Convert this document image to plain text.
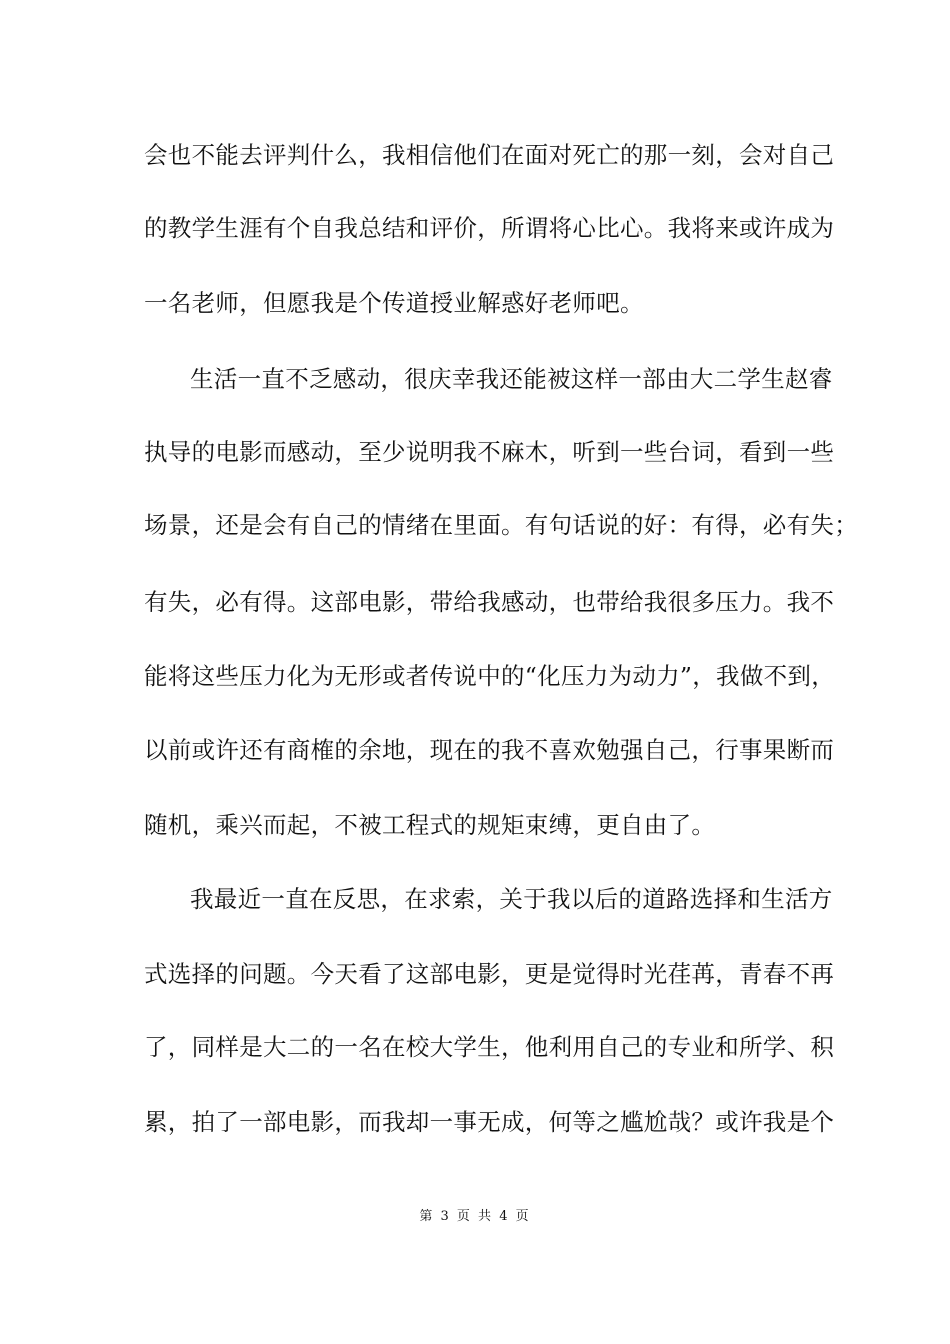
会也不能去评判什么，我相信他们在面对死亡的那一刻，会对自己
的教学生涯有个自我总结和评价，所谓将心比心。我将来或许成为
一名老师，但愿我是个传道授业解惑好老师吧。
生活一直不乏感动，很庆幸我还能被这样一部由大二学生赵睿
执导的电影而感动，至少说明我不麻木，听到一些台词，看到一些
场景，还是会有自己的情绪在里面。有句话说的好：有得，必有失；
有失，必有得。这部电影，带给我感动，也带给我很多压力。我不
能将这些压力化为无形或者传说中的“化压力为动力”，我做不到，
以前或许还有商榷的余地，现在的我不喜欢勉强自己，行事果断而
随机，乘兴而起，不被工程式的规矩束缚，更自由了。
我最近一直在反思，在求索，关于我以后的道路选择和生活方
式选择的问题。今天看了这部电影，更是觉得时光荏苒，青春不再
了，同样是大二的一名在校大学生，他利用自己的专业和所学、积
累，拍了一部电影，而我却一事无成，何等之尴尬哉？或许我是个
第 3 页 共 4 页
